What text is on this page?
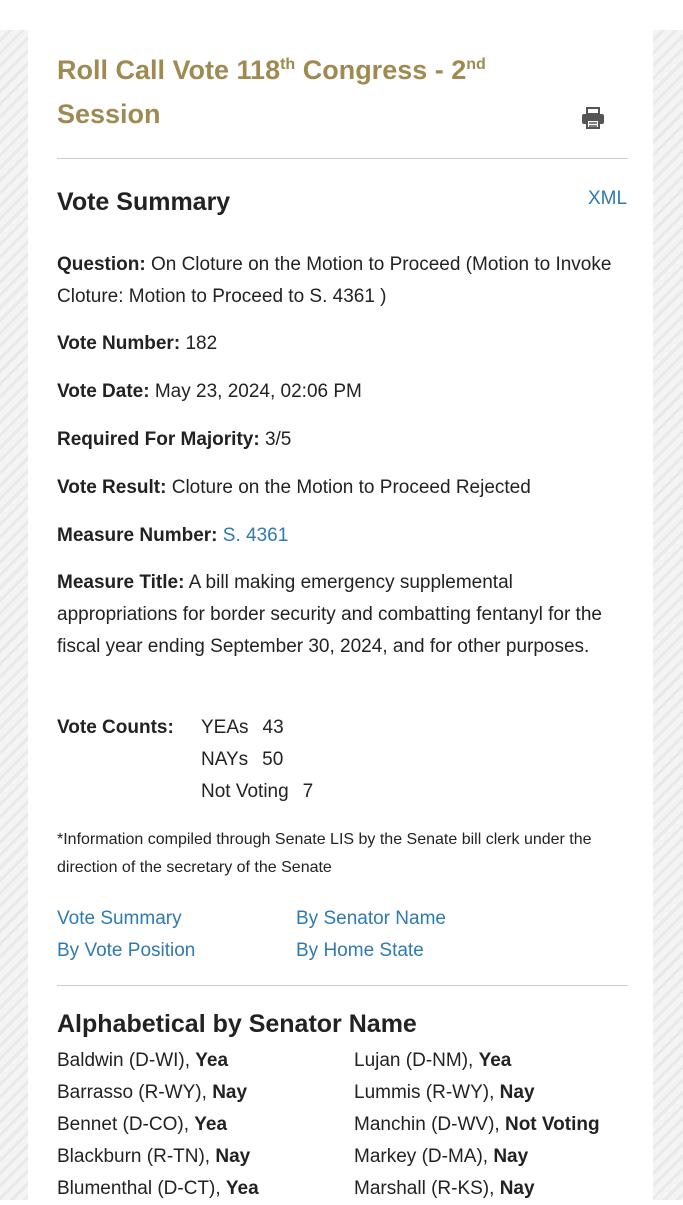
Roll Call Vote 118th Congress - 2nd
Session
Vote Summary	XML
Question: On Cloture on the Motion to Proceed (Motion to Invoke Cloture: Motion to Proceed to S. 4361 )
Vote Number: 182
Vote Date: May 23, 2024, 02:06 PM
Required For Majority: 3/5
Vote Result: Cloture on the Motion to Proceed Rejected
Measure Number: S. 4361
Measure Title: A bill making emergency supplemental appropriations for border security and combatting fentanyl for the fiscal year ending September 30, 2024, and for other purposes.
Vote Counts: YEAs 43
NAYs 50
Not Voting 7
*Information compiled through Senate LIS by the Senate bill clerk under the direction of the secretary of the Senate
Vote Summary	By Senator Name
By Vote Position	By Home State
Alphabetical by Senator Name
Baldwin (D-WI), Yea
Barrasso (R-WY), Nay
Bennet (D-CO), Yea
Blackburn (R-TN), Nay
Blumenthal (D-CT), Yea
Lujan (D-NM), Yea
Lummis (R-WY), Nay
Manchin (D-WV), Not Voting
Markey (D-MA), Nay
Marshall (R-KS), Nay
